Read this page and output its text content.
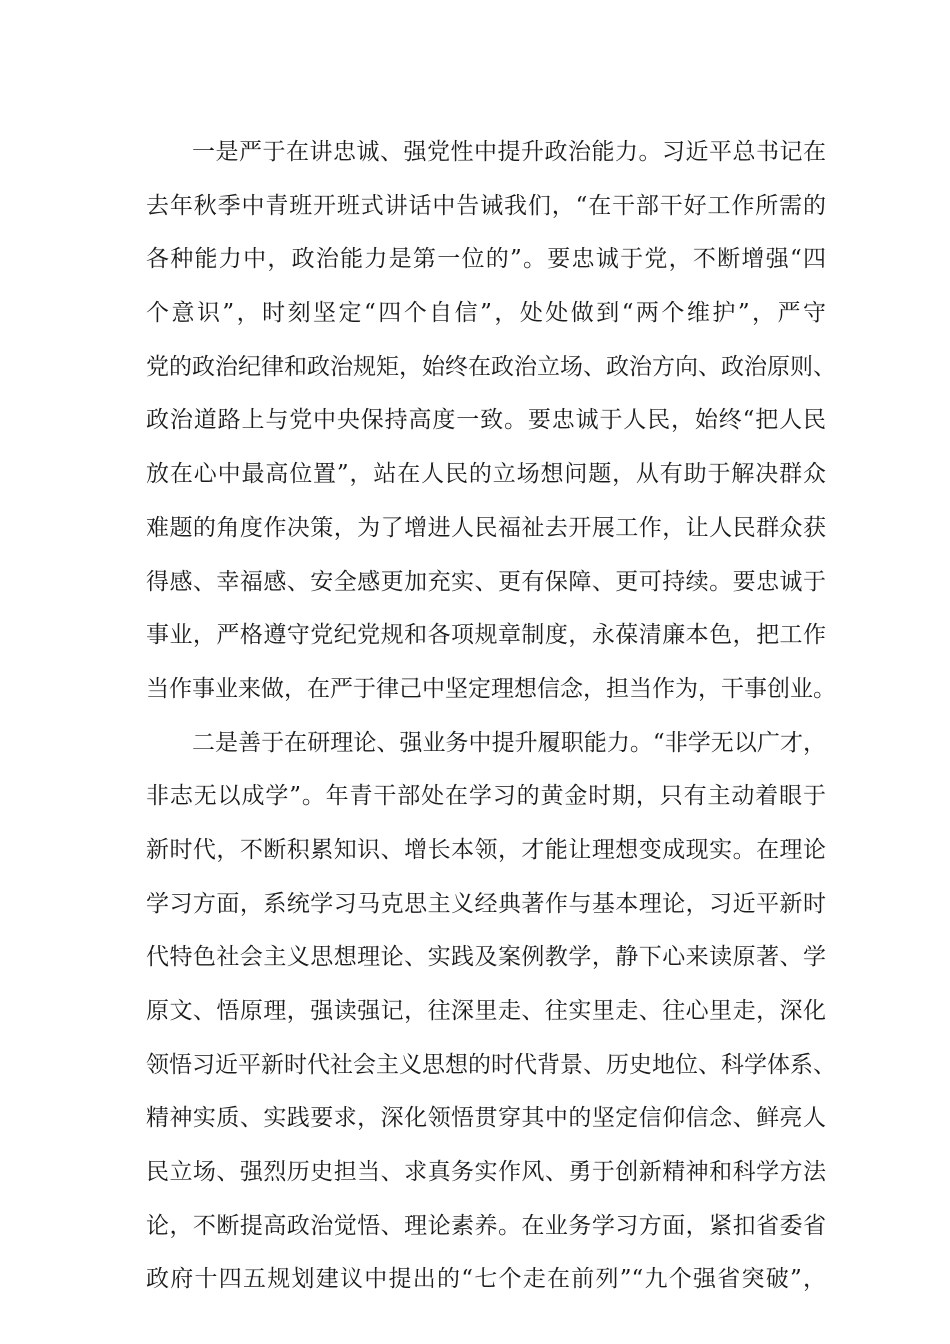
一是严于在讲忠诚、强党性中提升政治能力。习近平总书记在
去年秋季中青班开班式讲话中告诫我们，“在干部干好工作所需的
各种能力中，政治能力是第一位的”。要忠诚于党，不断增强“四
个意识”，时刻坚定“四个自信”，处处做到“两个维护”，严守
党的政治纪律和政治规矩，始终在政治立场、政治方向、政治原则、
政治道路上与党中央保持高度一致。要忠诚于人民，始终“把人民
放在心中最高位置”，站在人民的立场想问题，从有助于解决群众
难题的角度作决策，为了增进人民福祉去开展工作，让人民群众获
得感、幸福感、安全感更加充实、更有保障、更可持续。要忠诚于
事业，严格遵守党纪党规和各项规章制度，永葆清廉本色，把工作
当作事业来做，在严于律己中坚定理想信念，担当作为，干事创业。
二是善于在研理论、强业务中提升履职能力。“非学无以广才，
非志无以成学”。年青干部处在学习的黄金时期，只有主动着眼于
新时代，不断积累知识、增长本领，才能让理想变成现实。在理论
学习方面，系统学习马克思主义经典著作与基本理论，习近平新时
代特色社会主义思想理论、实践及案例教学，静下心来读原著、学
原文、悟原理，强读强记，往深里走、往实里走、往心里走，深化
领悟习近平新时代社会主义思想的时代背景、历史地位、科学体系、
精神实质、实践要求，深化领悟贯穿其中的坚定信仰信念、鲜亮人
民立场、强烈历史担当、求真务实作风、勇于创新精神和科学方法
论，不断提高政治觉悟、理论素养。在业务学习方面，紧扣省委省
政府十四五规划建议中提出的“七个走在前列”“九个强省突破”，
